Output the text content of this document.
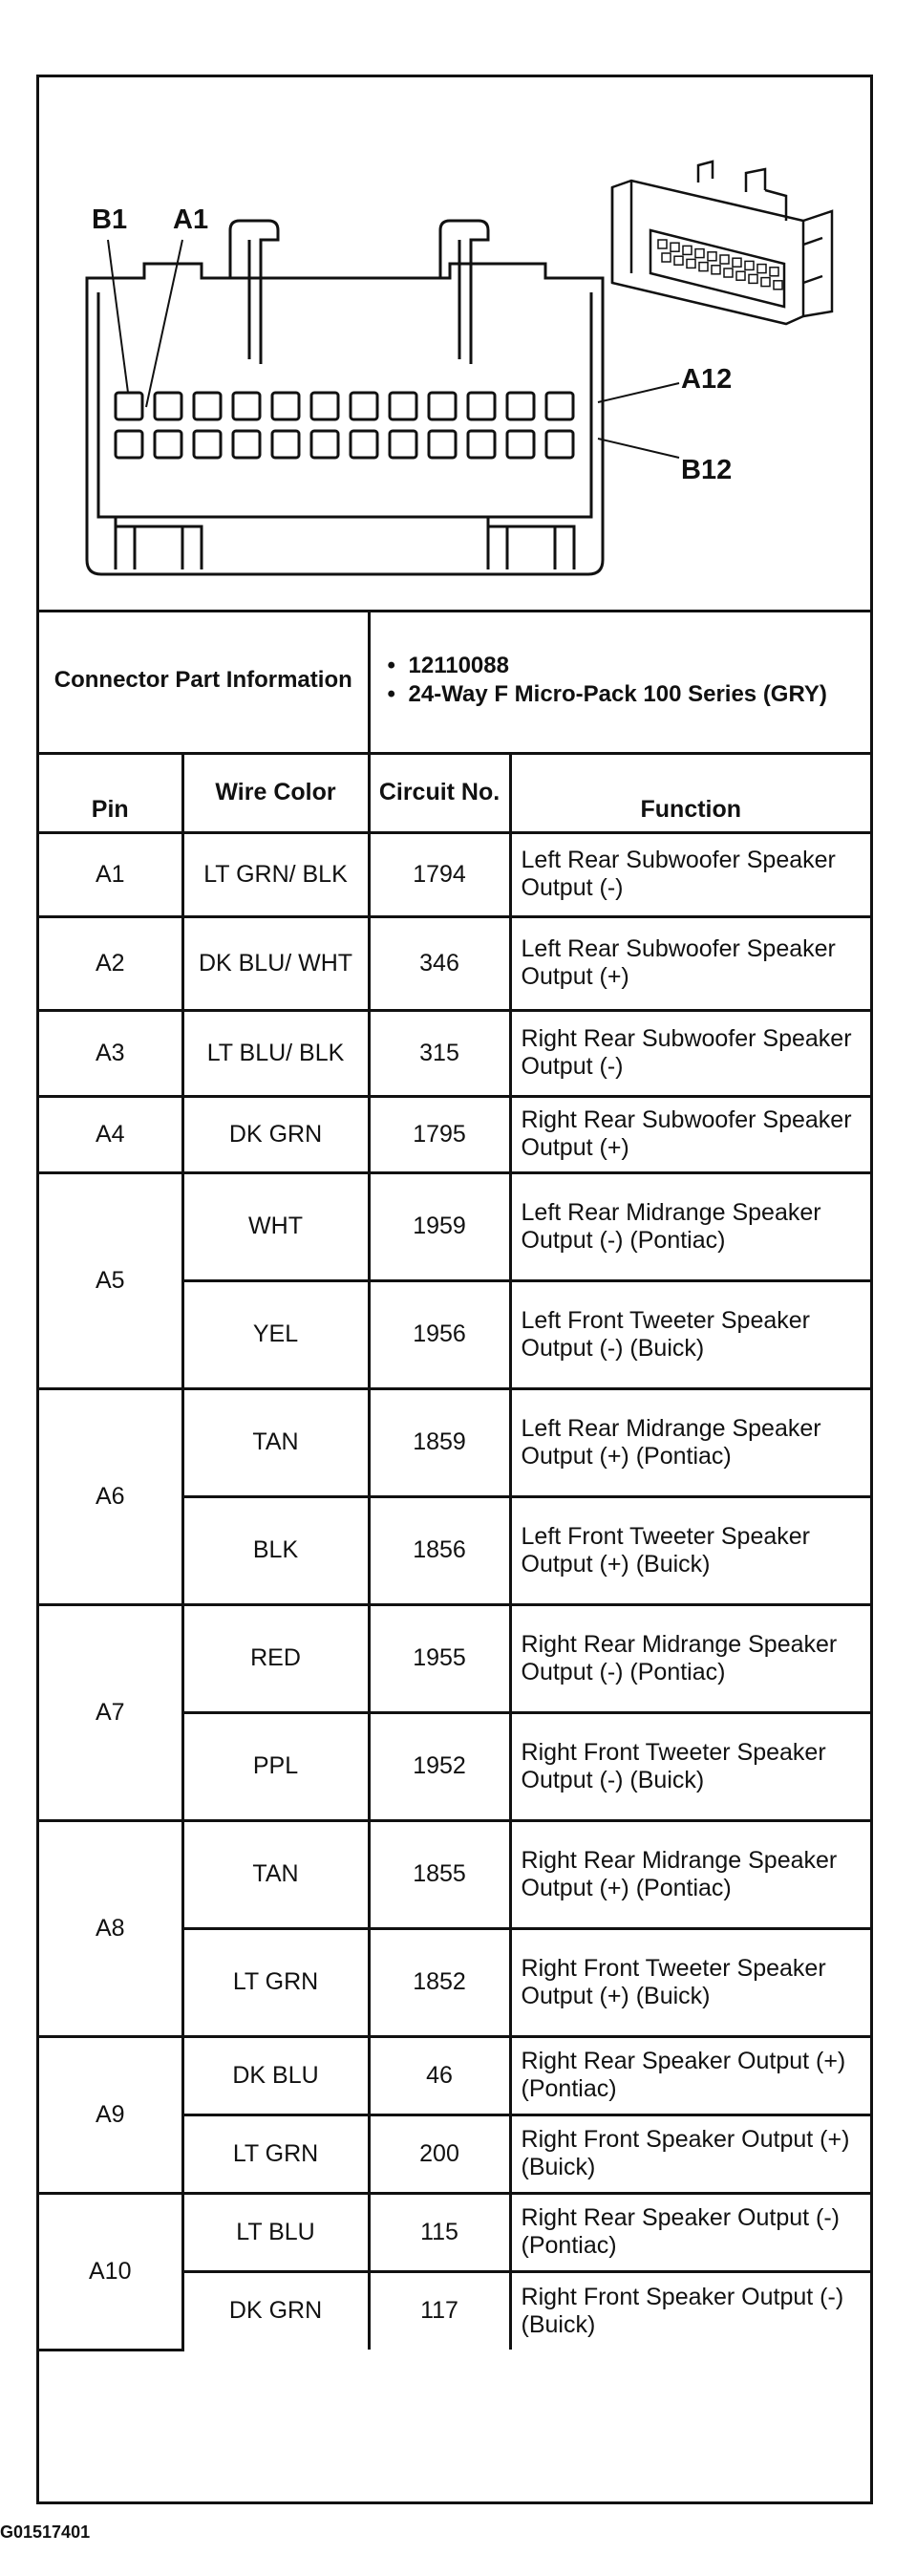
B1 A1
A12
B12
Connector Part Information		• 12110088
• 24-Way F Micro-Pack 100 Series (GRY)

Pin	Wire Color	Circuit No.	Function
A1	LT GRN/ BLK	1794	Left Rear Subwoofer Speaker Output (-)
A2	DK BLU/ WHT	346	Left Rear Subwoofer Speaker Output (+)
A3	LT BLU/ BLK	315	Right Rear Subwoofer Speaker Output (-)
A4	DK GRN	1795	Right Rear Subwoofer Speaker Output (+)
A5	WHT	1959	Left Rear Midrange Speaker Output (-) (Pontiac)
	YEL	1956	Left Front Tweeter Speaker Output (-) (Buick)
A6	TAN	1859	Left Rear Midrange Speaker Output (+) (Pontiac)
	BLK	1856	Left Front Tweeter Speaker Output (+) (Buick)
A7	RED	1955	Right Rear Midrange Speaker Output (-) (Pontiac)
	PPL	1952	Right Front Tweeter Speaker Output (-) (Buick)
A8	TAN	1855	Right Rear Midrange Speaker Output (+) (Pontiac)
	LT GRN	1852	Right Front Tweeter Speaker Output (+) (Buick)
A9	DK BLU	46	Right Rear Speaker Output (+) (Pontiac)
	LT GRN	200	Right Front Speaker Output (+) (Buick)
A10	LT BLU	115	Right Rear Speaker Output (-) (Pontiac)
	DK GRN	117	Right Front Speaker Output (-) (Buick)
G01517401
